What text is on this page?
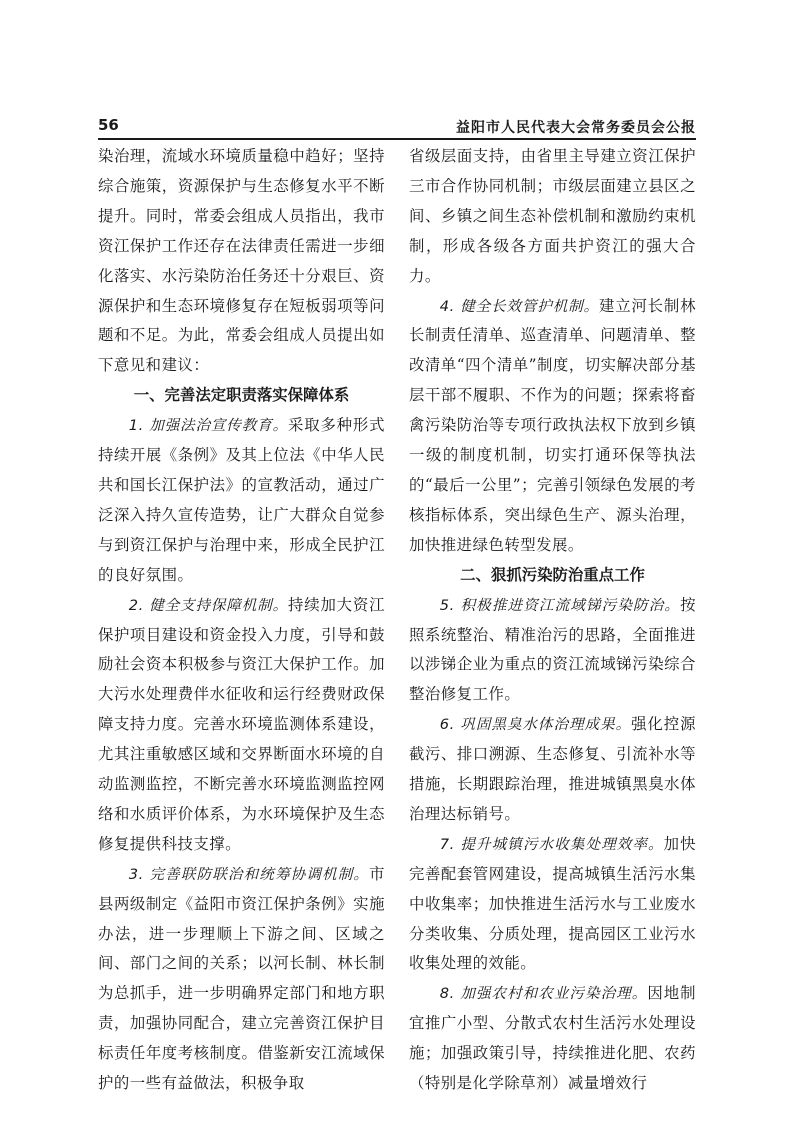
56	益阳市人民代表大会常务委员会公报

染治理，流域水环境质量稳中趋好；坚持综合施策，资源保护与生态修复水平不断提升。同时，常委会组成人员指出，我市资江保护工作还存在法律责任需进一步细化落实、水污染防治任务还十分艰巨、资源保护和生态环境修复存在短板弱项等问题和不足。为此，常委会组成人员提出如下意见和建议：

一、完善法定职责落实保障体系

1. 加强法治宣传教育。采取多种形式持续开展《条例》及其上位法《中华人民共和国长江保护法》的宣教活动，通过广泛深入持久宣传造势，让广大群众自觉参与到资江保护与治理中来，形成全民护江的良好氛围。

2. 健全支持保障机制。持续加大资江保护项目建设和资金投入力度，引导和鼓励社会资本积极参与资江大保护工作。加大污水处理费伴水征收和运行经费财政保障支持力度。完善水环境监测体系建设，尤其注重敏感区域和交界断面水环境的自动监测监控，不断完善水环境监测监控网络和水质评价体系，为水环境保护及生态修复提供科技支撑。

3. 完善联防联治和统筹协调机制。市县两级制定《益阳市资江保护条例》实施办法，进一步理顺上下游之间、区域之间、部门之间的关系；以河长制、林长制为总抓手，进一步明确界定部门和地方职责，加强协同配合，建立完善资江保护目标责任年度考核制度。借鉴新安江流域保护的一些有益做法，积极争取

省级层面支持，由省里主导建立资江保护三市合作协同机制；市级层面建立县区之间、乡镇之间生态补偿机制和激励约束机制，形成各级各方面共护资江的强大合力。

4. 健全长效管护机制。建立河长制林长制责任清单、巡查清单、问题清单、整改清单“四个清单”制度，切实解决部分基层干部不履职、不作为的问题；探索将畜禽污染防治等专项行政执法权下放到乡镇一级的制度机制，切实打通环保等执法的“最后一公里”；完善引领绿色发展的考核指标体系，突出绿色生产、源头治理，加快推进绿色转型发展。

二、狠抓污染防治重点工作

5. 积极推进资江流域锑污染防治。按照系统整治、精准治污的思路，全面推进以涉锑企业为重点的资江流域锑污染综合整治修复工作。

6. 巩固黑臭水体治理成果。强化控源截污、排口溯源、生态修复、引流补水等措施，长期跟踪治理，推进城镇黑臭水体治理达标销号。

7. 提升城镇污水收集处理效率。加快完善配套管网建设，提高城镇生活污水集中收集率；加快推进生活污水与工业废水分类收集、分质处理，提高园区工业污水收集处理的效能。

8. 加强农村和农业污染治理。因地制宜推广小型、分散式农村生活污水处理设施；加强政策引导，持续推进化肥、农药（特别是化学除草剂）减量增效行
